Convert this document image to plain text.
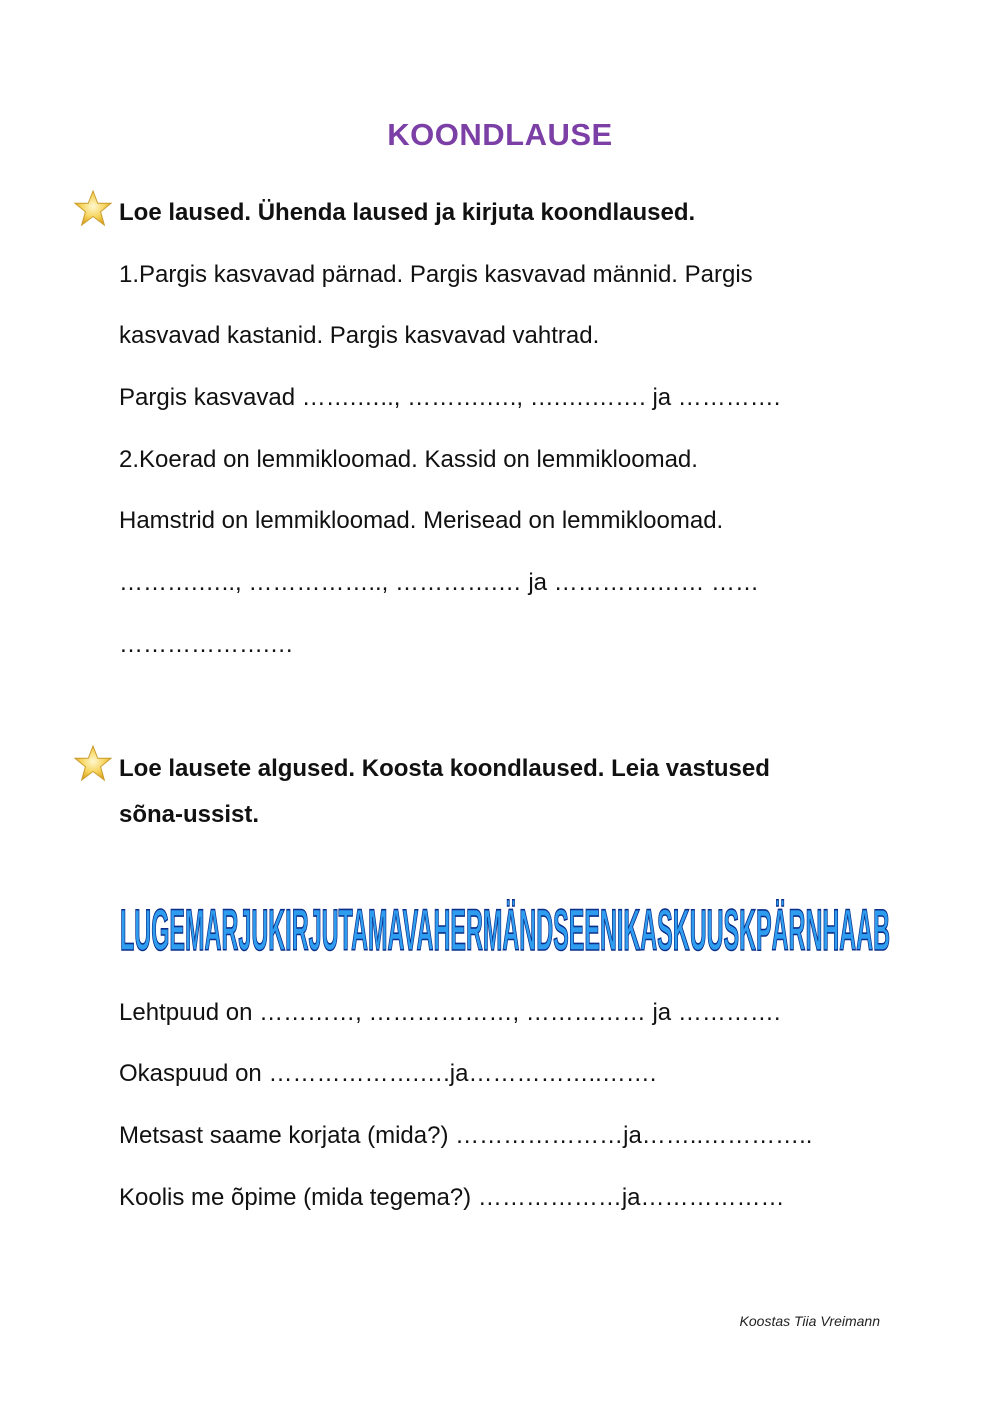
KOONDLAUSE
Loe laused. Ühenda laused ja kirjuta koondlaused.
1.Pargis kasvavad pärnad. Pargis kasvavad männid. Pargis
kasvavad kastanid. Pargis kasvavad vahtrad.
Pargis kasvavad …….….., ……….…., ….….……. ja ………….
2.Koerad on lemmikloomad. Kassid on lemmikloomad.
Hamstrid on lemmikloomad. Merisead on lemmikloomad.
……….….., …………….., ………….… ja ………….…… ……
……………….…
Loe lausete algused. Koosta koondlaused. Leia vastused
sõna-ussist.
LUGEMARJUKIRJUTAMAVAHERMÄNDSEENIKASKUUSKPÄRNHAAB
Lehtpuud on …………, ………………, …………… ja ………….
Okaspuud on ……………….….ja……………..…….
Metsast saame korjata (mida?) …………………ja……..…………..
Koolis me õpime (mida tegema?) ………………ja………………
Koostas Tiia Vreimann
